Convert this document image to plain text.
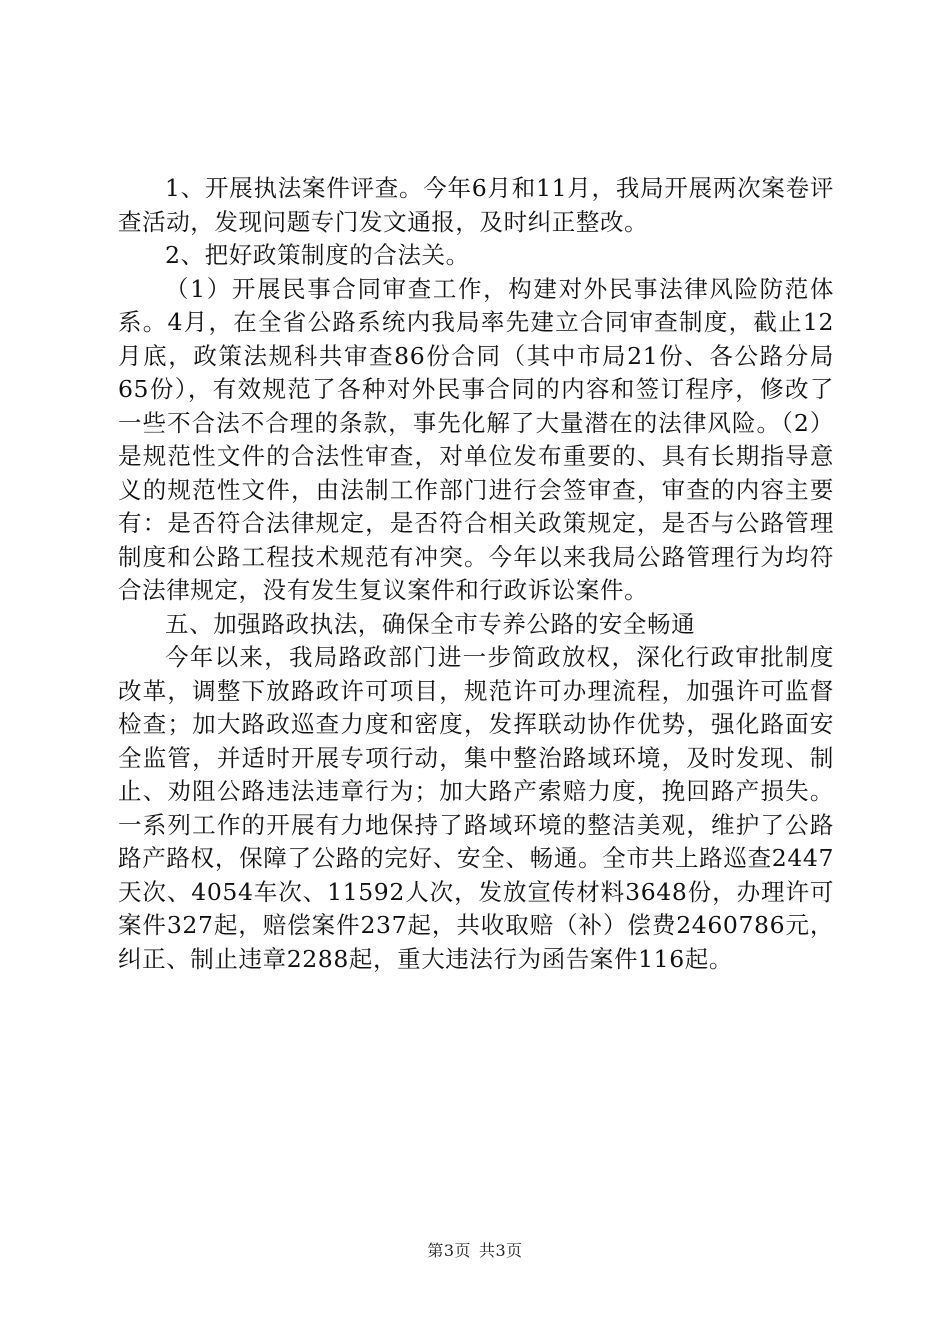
1、开展执法案件评查。今年6月和11月，我局开展两次案卷评查活动，发现问题专门发文通报，及时纠正整改。

2、把好政策制度的合法关。

（1）开展民事合同审查工作，构建对外民事法律风险防范体系。4月，在全省公路系统内我局率先建立合同审查制度，截止12月底，政策法规科共审查86份合同（其中市局21份、各公路分局65份），有效规范了各种对外民事合同的内容和签订程序，修改了一些不合法不合理的条款，事先化解了大量潜在的法律风险。（2）是规范性文件的合法性审查，对单位发布重要的、具有长期指导意义的规范性文件，由法制工作部门进行会签审查，审查的内容主要有：是否符合法律规定，是否符合相关政策规定，是否与公路管理制度和公路工程技术规范有冲突。今年以来我局公路管理行为均符合法律规定，没有发生复议案件和行政诉讼案件。

五、加强路政执法，确保全市专养公路的安全畅通

今年以来，我局路政部门进一步简政放权，深化行政审批制度改革，调整下放路政许可项目，规范许可办理流程，加强许可监督检查；加大路政巡查力度和密度，发挥联动协作优势，强化路面安全监管，并适时开展专项行动，集中整治路域环境，及时发现、制止、劝阻公路违法违章行为；加大路产索赔力度，挽回路产损失。一系列工作的开展有力地保持了路域环境的整洁美观，维护了公路路产路权，保障了公路的完好、安全、畅通。全市共上路巡查2447天次、4054车次、11592人次，发放宣传材料3648份，办理许可案件327起，赔偿案件237起，共收取赔（补）偿费2460786元，纠正、制止违章2288起，重大违法行为函告案件116起。

第3页 共3页
